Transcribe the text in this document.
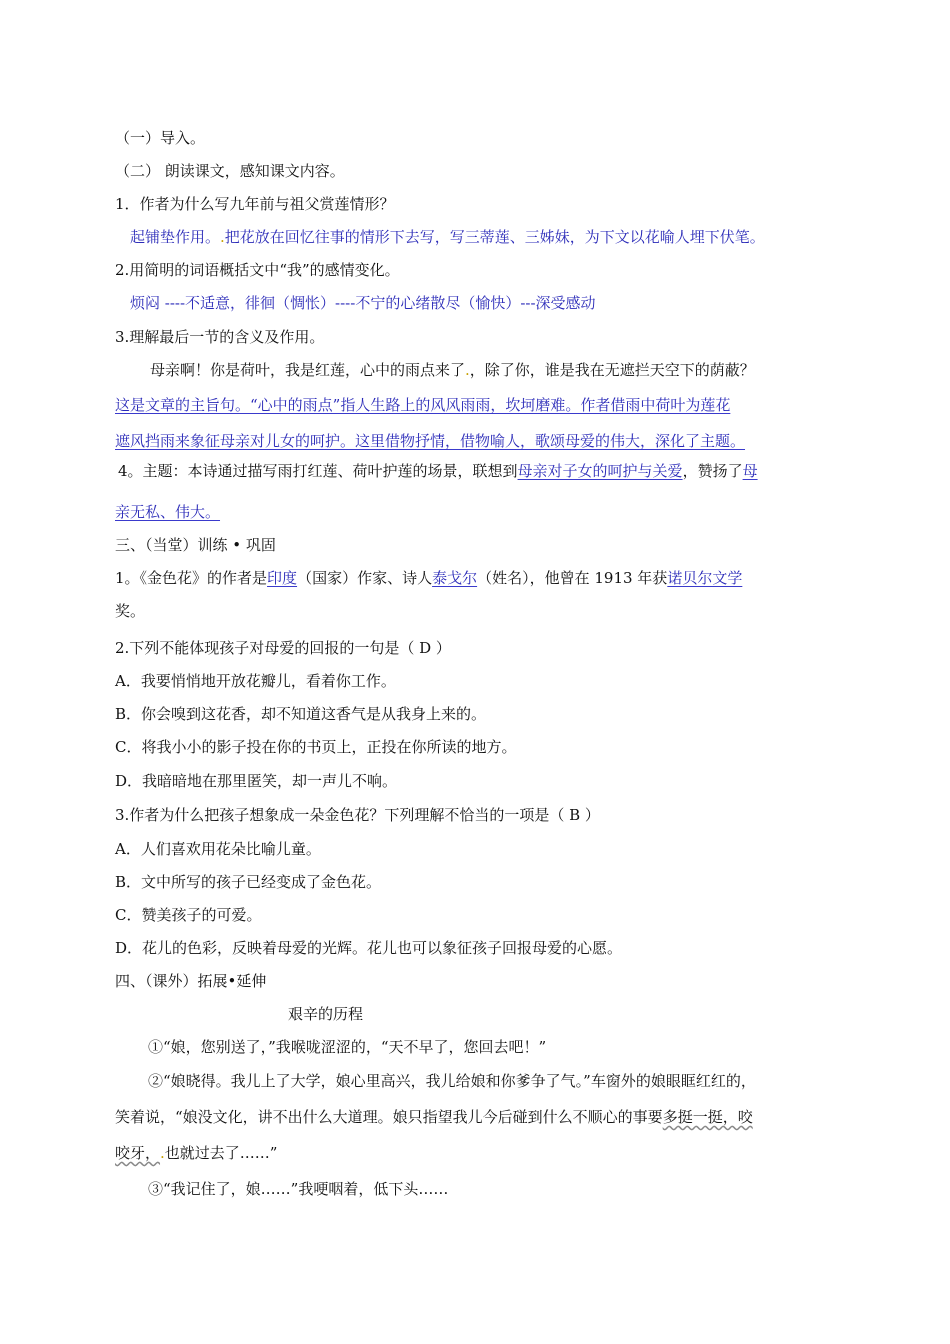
（一）导入。
（二） 朗读课文，感知课文内容。
1．作者为什么写九年前与祖父赏莲情形？
起铺垫作用。.把花放在回忆往事的情形下去写，写三蒂莲、三姊妹，为下文以花喻人埋下伏笔。
2.用简明的词语概括文中“我”的感情变化。
烦闷 ----不适意，徘徊（惆怅）----不宁的心绪散尽（愉快）---深受感动
3.理解最后一节的含义及作用。
母亲啊！你是荷叶，我是红莲，心中的雨点来了.，除了你，谁是我在无遮拦天空下的荫蔽？
这是文章的主旨句。“心中的雨点”指人生路上的风风雨雨，坎坷磨难。作者借雨中荷叶为莲花
遮风挡雨来象征母亲对儿女的呵护。这里借物抒情，借物喻人，歌颂母爱的伟大，深化了主题。
4。主题：本诗通过描写雨打红莲、荷叶护莲的场景，联想到母亲对子女的呵护与关爱，赞扬了母
亲无私、伟大。
三、（当堂）训练 • 巩固
1。《金色花》的作者是印度（国家）作家、诗人泰戈尔（姓名），他曾在 1913 年获诺贝尔文学
奖。
2.下列不能体现孩子对母爱的回报的一句是（ D ）
A．我要悄悄地开放花瓣儿，看着你工作。
B．你会嗅到这花香，却不知道这香气是从我身上来的。
C．将我小小的影子投在你的书页上，正投在你所读的地方。
D．我暗暗地在那里匿笑，却一声儿不响。
3.作者为什么把孩子想象成一朵金色花？下列理解不恰当的一项是（ B ）
A．人们喜欢用花朵比喻儿童。
B．文中所写的孩子已经变成了金色花。
C．赞美孩子的可爱。
D．花儿的色彩，反映着母爱的光辉。花儿也可以象征孩子回报母爱的心愿。
四、（课外）拓展•延伸
艰辛的历程
①“娘，您别送了，”我喉咙涩涩的，“天不早了，您回去吧！”
②“娘晓得。我儿上了大学，娘心里高兴，我儿给娘和你爹争了气。”车窗外的娘眼眶红红的，
笑着说，“娘没文化，讲不出什么大道理。娘只指望我儿今后碰到什么不顺心的事要多挺一挺，咬
咬牙，.也就过去了……”
③“我记住了，娘……”我哽咽着，低下头……
